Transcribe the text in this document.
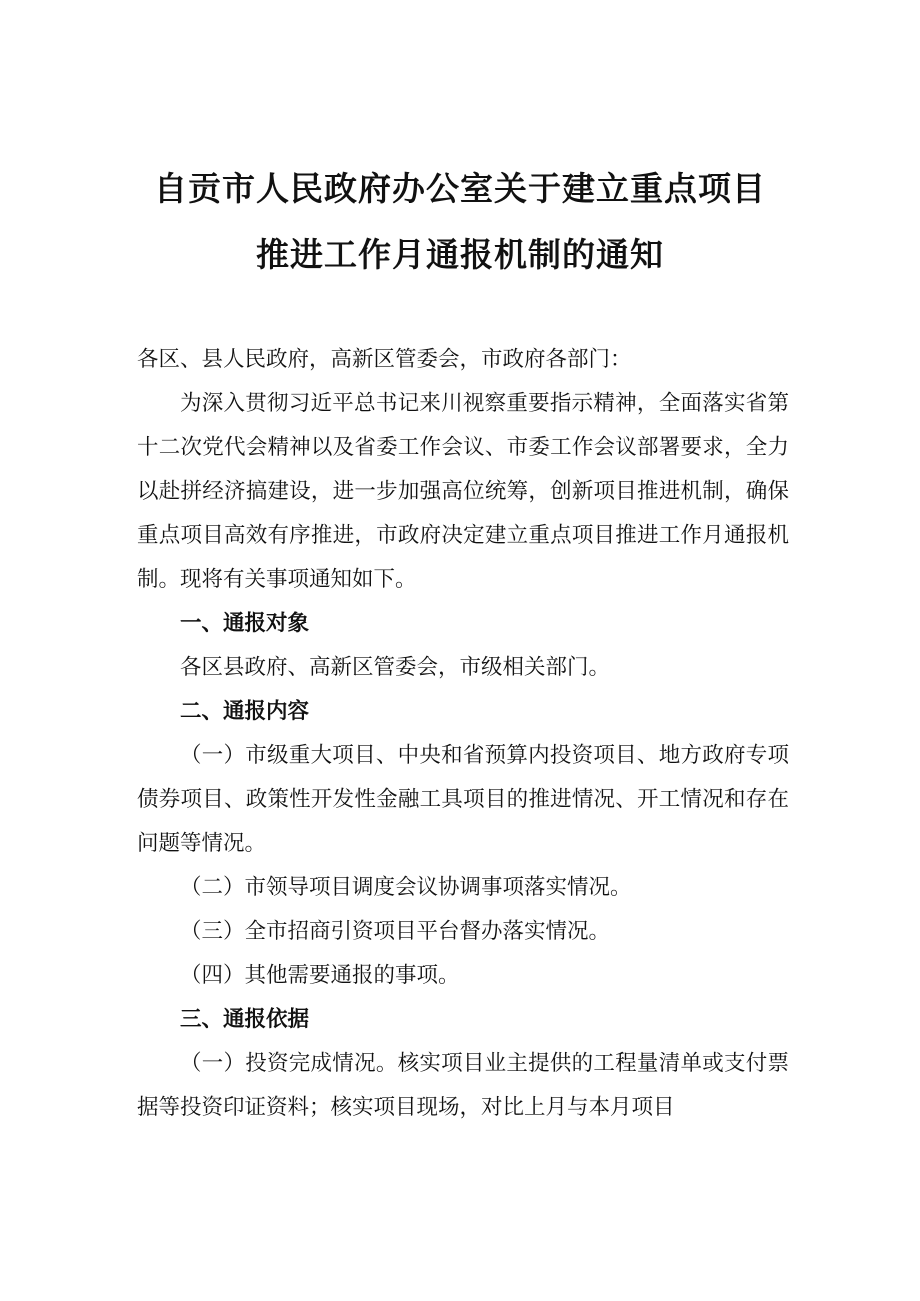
自贡市人民政府办公室关于建立重点项目
推进工作月通报机制的通知

各区、县人民政府，高新区管委会，市政府各部门：

为深入贯彻习近平总书记来川视察重要指示精神，全面落实省第十二次党代会精神以及省委工作会议、市委工作会议部署要求，全力以赴拼经济搞建设，进一步加强高位统筹，创新项目推进机制，确保重点项目高效有序推进，市政府决定建立重点项目推进工作月通报机制。现将有关事项通知如下。

一、通报对象

各区县政府、高新区管委会，市级相关部门。

二、通报内容

（一）市级重大项目、中央和省预算内投资项目、地方政府专项债券项目、政策性开发性金融工具项目的推进情况、开工情况和存在问题等情况。

（二）市领导项目调度会议协调事项落实情况。

（三）全市招商引资项目平台督办落实情况。

（四）其他需要通报的事项。

三、通报依据

（一）投资完成情况。核实项目业主提供的工程量清单或支付票据等投资印证资料；核实项目现场，对比上月与本月项目
